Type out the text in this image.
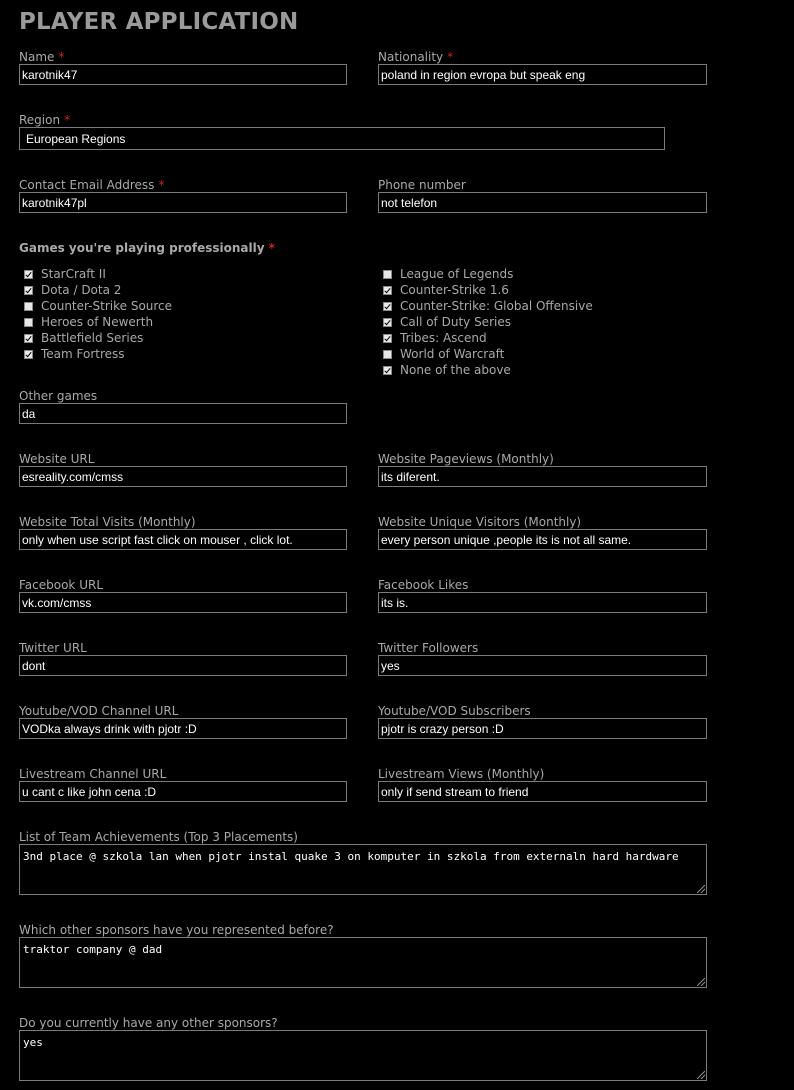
PLAYER APPLICATION
Name *
karotnik47	Nationality *
poland in region evropa but speak eng
Region *
European Regions
Contact Email Address *
karotnik47pl	Phone number
not telefon
Games you're playing professionally *
StarCraft II
Dota / Dota 2
Counter-Strike Source
Heroes of Newerth
Battlefield Series
Team Fortress
League of Legends
Counter-Strike 1.6
Counter-Strike: Global Offensive
Call of Duty Series
Tribes: Ascend
World of Warcraft
None of the above
Other games
da
Website URL
esreality.com/cmss	Website Pageviews (Monthly)
its diferent.
Website Total Visits (Monthly)
only when use script fast click on mouser , click lot.	Website Unique Visitors (Monthly)
every person unique ,people its is not all same.
Facebook URL
vk.com/cmss	Facebook Likes
its is.
Twitter URL
dont	Twitter Followers
yes
Youtube/VOD Channel URL
VODka always drink with pjotr :D	Youtube/VOD Subscribers
pjotr is crazy person :D
Livestream Channel URL
u cant c like john cena :D	Livestream Views (Monthly)
only if send stream to friend
List of Team Achievements (Top 3 Placements)
3nd place @ szkola lan when pjotr instal quake 3 on komputer in szkola from externaln hard hardware
Which other sponsors have you represented before?
traktor company @ dad
Do you currently have any other sponsors?
yes
